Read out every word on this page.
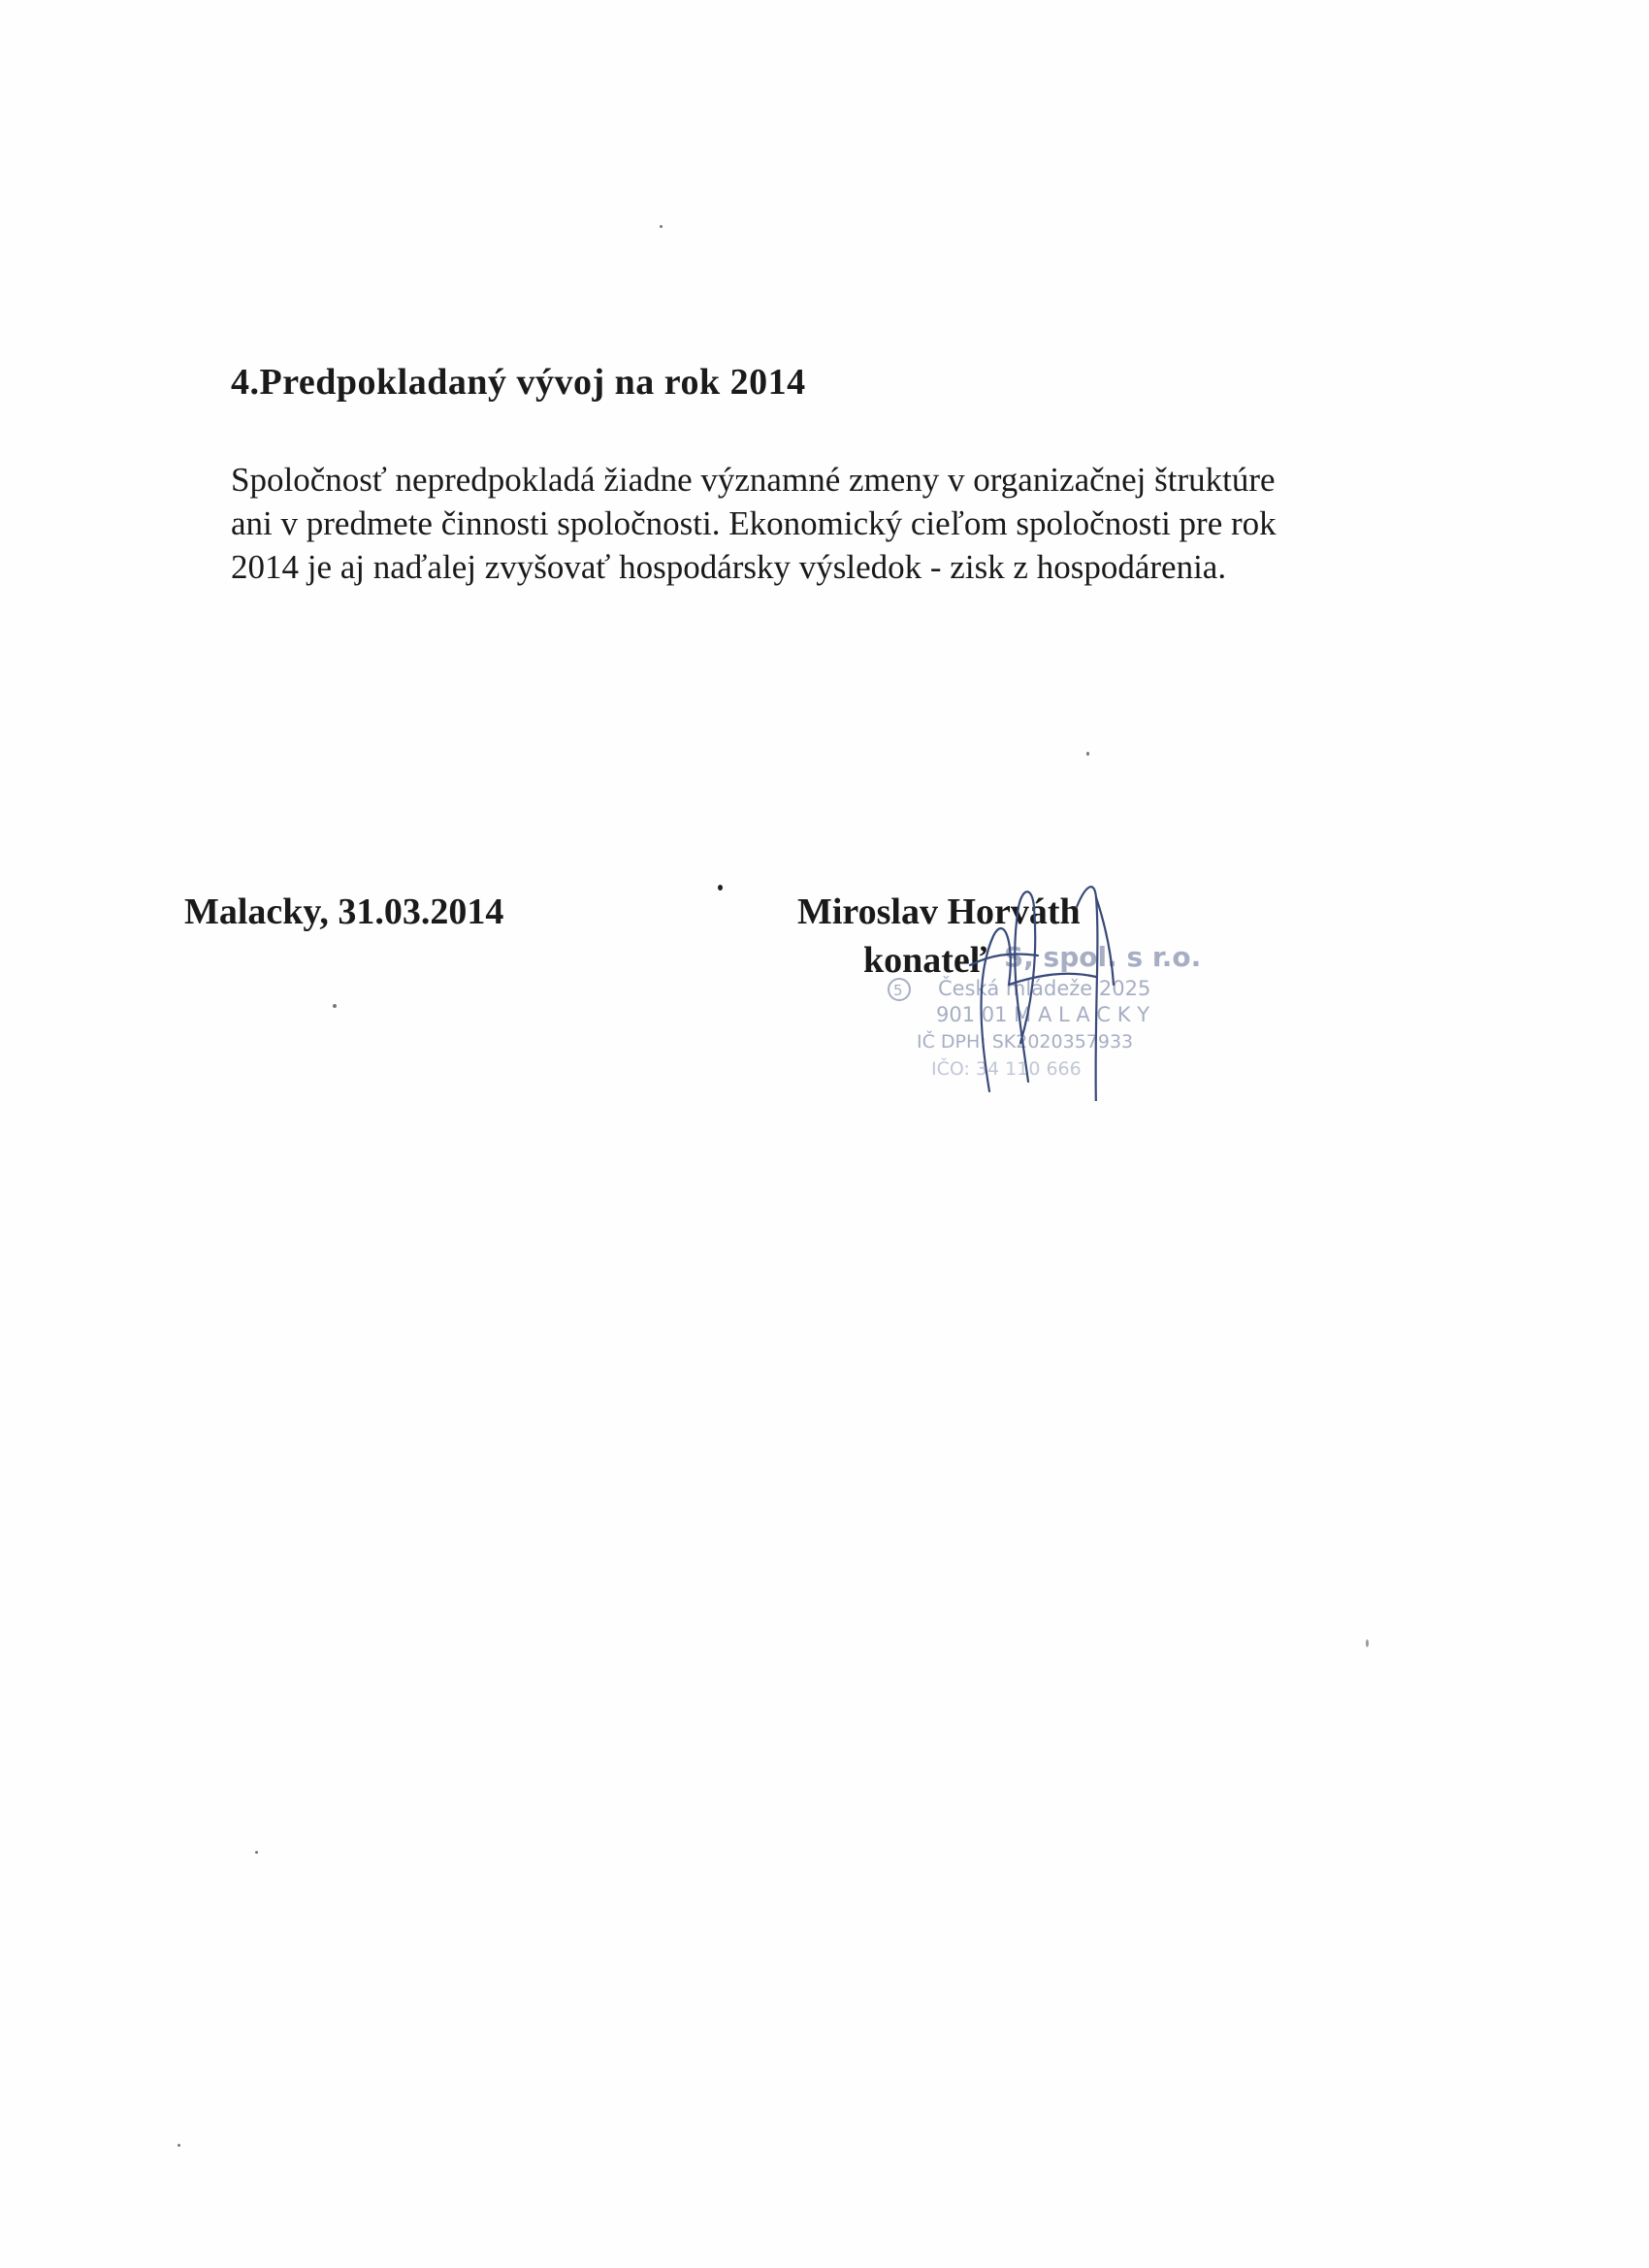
4.Predpokladaný vývoj na rok 2014

Spoločnosť nepredpokladá žiadne významné zmeny v organizačnej štruktúre

ani v predmete činnosti spoločnosti. Ekonomický cieľom spoločnosti pre rok

2014 je aj naďalej zvyšovať hospodársky výsledok - zisk z hospodárenia.

Malacky, 31.03.2014
S, spol. s r.o.
5 Česká mládeže 2025
901 01 M A L A C K Y
IČ DPH: SK2020357933
IČO: 34 110 666
Miroslav Horváth
konateľ
